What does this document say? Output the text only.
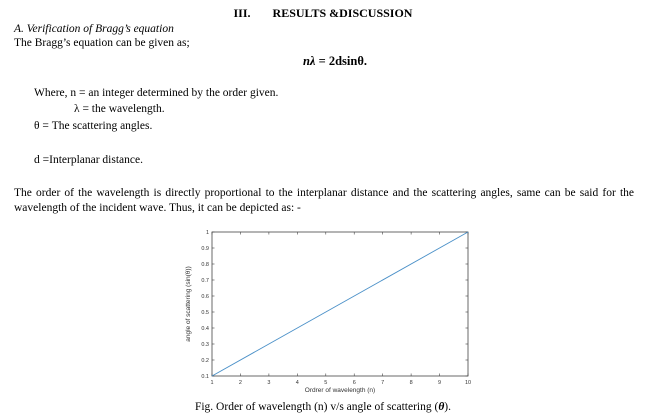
III. RESULTS &DISCUSSION
A. Verification of Bragg’s equation
The Bragg’s equation can be given as;
nλ = 2dsinθ.
Where, n = an integer determined by the order given.
λ = the wavelength.
θ = The scattering angles.
d =Interplanar distance.
The order of the wavelength is directly proportional to the interplanar distance and the scattering angles, same can be said for the wavelength of the incident wave. Thus, it can be depicted as: -
1	2	3	4	5	6	7	8	9	10
0.1
0.2
0.3
0.4
0.5
0.6
0.7
0.8
0.9
1
Ordrer of wavelength (n)
angle of scattering (sin(θ))
Fig. Order of wavelength (n) v/s angle of scattering (θ).
